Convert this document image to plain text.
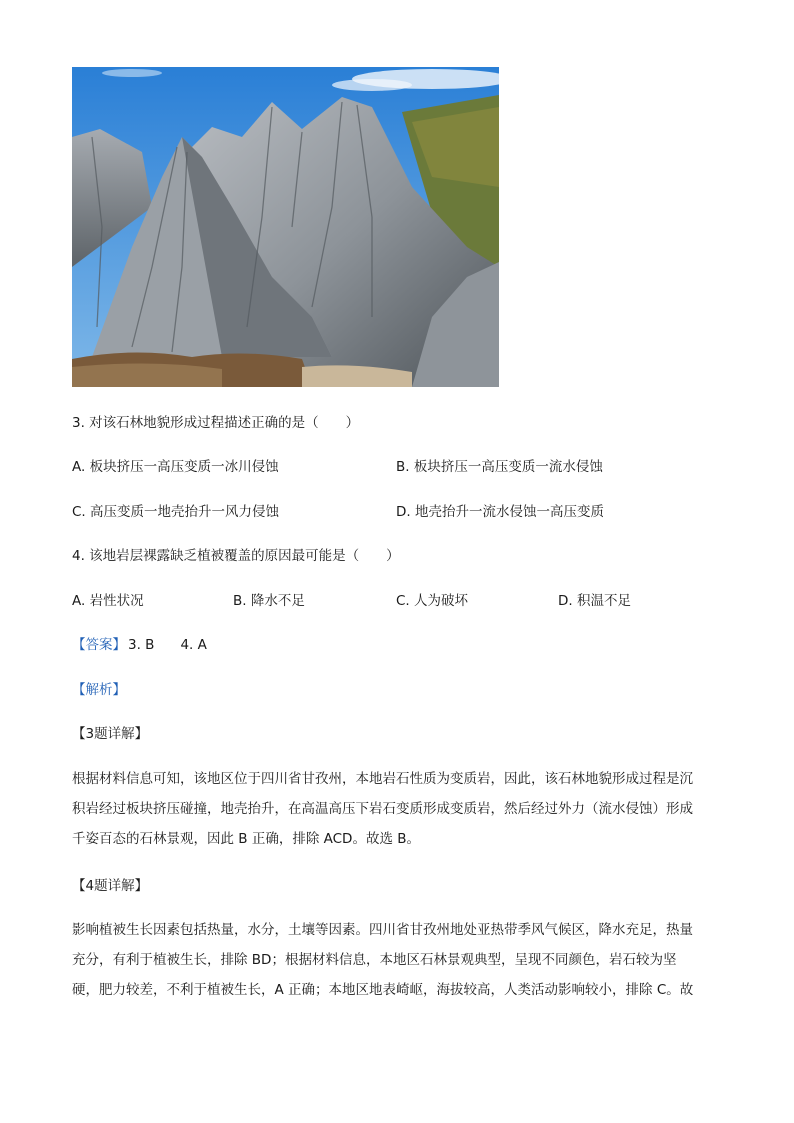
3. 对该石林地貌形成过程描述正确的是（　　）
A. 板块挤压一高压变质一冰川侵蚀	B. 板块挤压一高压变质一流水侵蚀
C. 高压变质一地壳抬升一风力侵蚀	D. 地壳抬升一流水侵蚀一高压变质
4. 该地岩层裸露缺乏植被覆盖的原因最可能是（　　）
A. 岩性状况	B. 降水不足	C. 人为破坏	D. 积温不足
【答案】 3. B 4. A
【解析】
【3题详解】
根据材料信息可知，该地区位于四川省甘孜州，本地岩石性质为变质岩，因此，该石林地貌形成过程是沉
积岩经过板块挤压碰撞，地壳抬升，在高温高压下岩石变质形成变质岩，然后经过外力（流水侵蚀）形成
千姿百态的石林景观，因此 B 正确，排除 ACD。故选 B。
【4题详解】
影响植被生长因素包括热量，水分，土壤等因素。四川省甘孜州地处亚热带季风气候区，降水充足，热量
充分，有利于植被生长，排除 BD；根据材料信息，本地区石林景观典型，呈现不同颜色，岩石较为坚
硬，肥力较差，不利于植被生长，A 正确；本地区地表崎岖，海拔较高，人类活动影响较小，排除 C。故
